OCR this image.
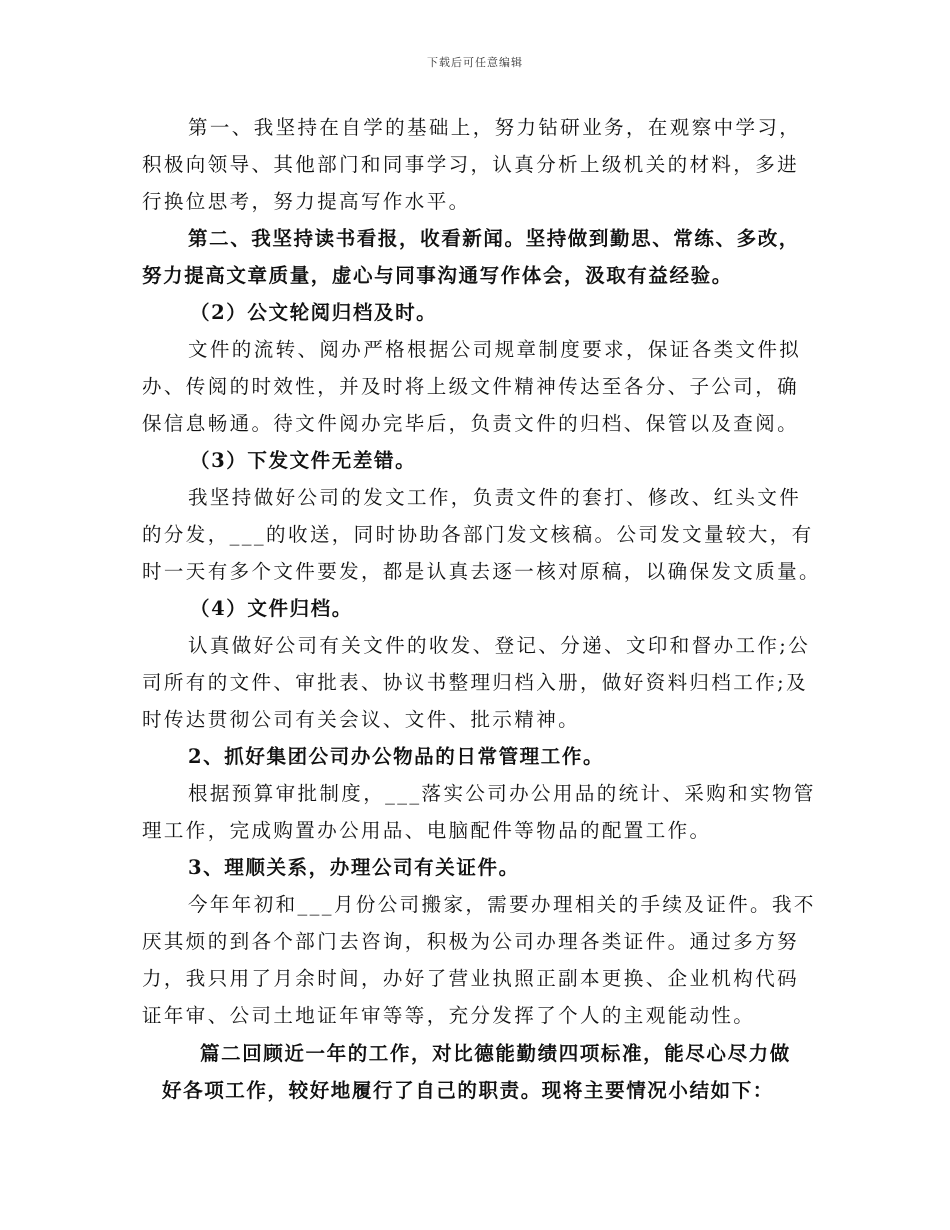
下载后可任意编辑
第一、我坚持在自学的基础上，努力钻研业务，在观察中学习，
积极向领导、其他部门和同事学习，认真分析上级机关的材料，多进
行换位思考，努力提高写作水平。
第二、我坚持读书看报，收看新闻。坚持做到勤思、常练、多改，
努力提高文章质量，虚心与同事沟通写作体会，汲取有益经验。
（2）公文轮阅归档及时。
文件的流转、阅办严格根据公司规章制度要求，保证各类文件拟
办、传阅的时效性，并及时将上级文件精神传达至各分、子公司，确
保信息畅通。待文件阅办完毕后，负责文件的归档、保管以及查阅。
（3）下发文件无差错。
我坚持做好公司的发文工作，负责文件的套打、修改、红头文件
的分发，___的收送，同时协助各部门发文核稿。公司发文量较大，有
时一天有多个文件要发，都是认真去逐一核对原稿，以确保发文质量。
（4）文件归档。
认真做好公司有关文件的收发、登记、分递、文印和督办工作;公
司所有的文件、审批表、协议书整理归档入册，做好资料归档工作;及
时传达贯彻公司有关会议、文件、批示精神。
2、抓好集团公司办公物品的日常管理工作。
根据预算审批制度，___落实公司办公用品的统计、采购和实物管
理工作，完成购置办公用品、电脑配件等物品的配置工作。
3、理顺关系，办理公司有关证件。
今年年初和___月份公司搬家，需要办理相关的手续及证件。我不
厌其烦的到各个部门去咨询，积极为公司办理各类证件。通过多方努
力，我只用了月余时间，办好了营业执照正副本更换、企业机构代码
证年审、公司土地证年审等等，充分发挥了个人的主观能动性。
篇二回顾近一年的工作，对比德能勤绩四项标准，能尽心尽力做
好各项工作，较好地履行了自己的职责。现将主要情况小结如下：
